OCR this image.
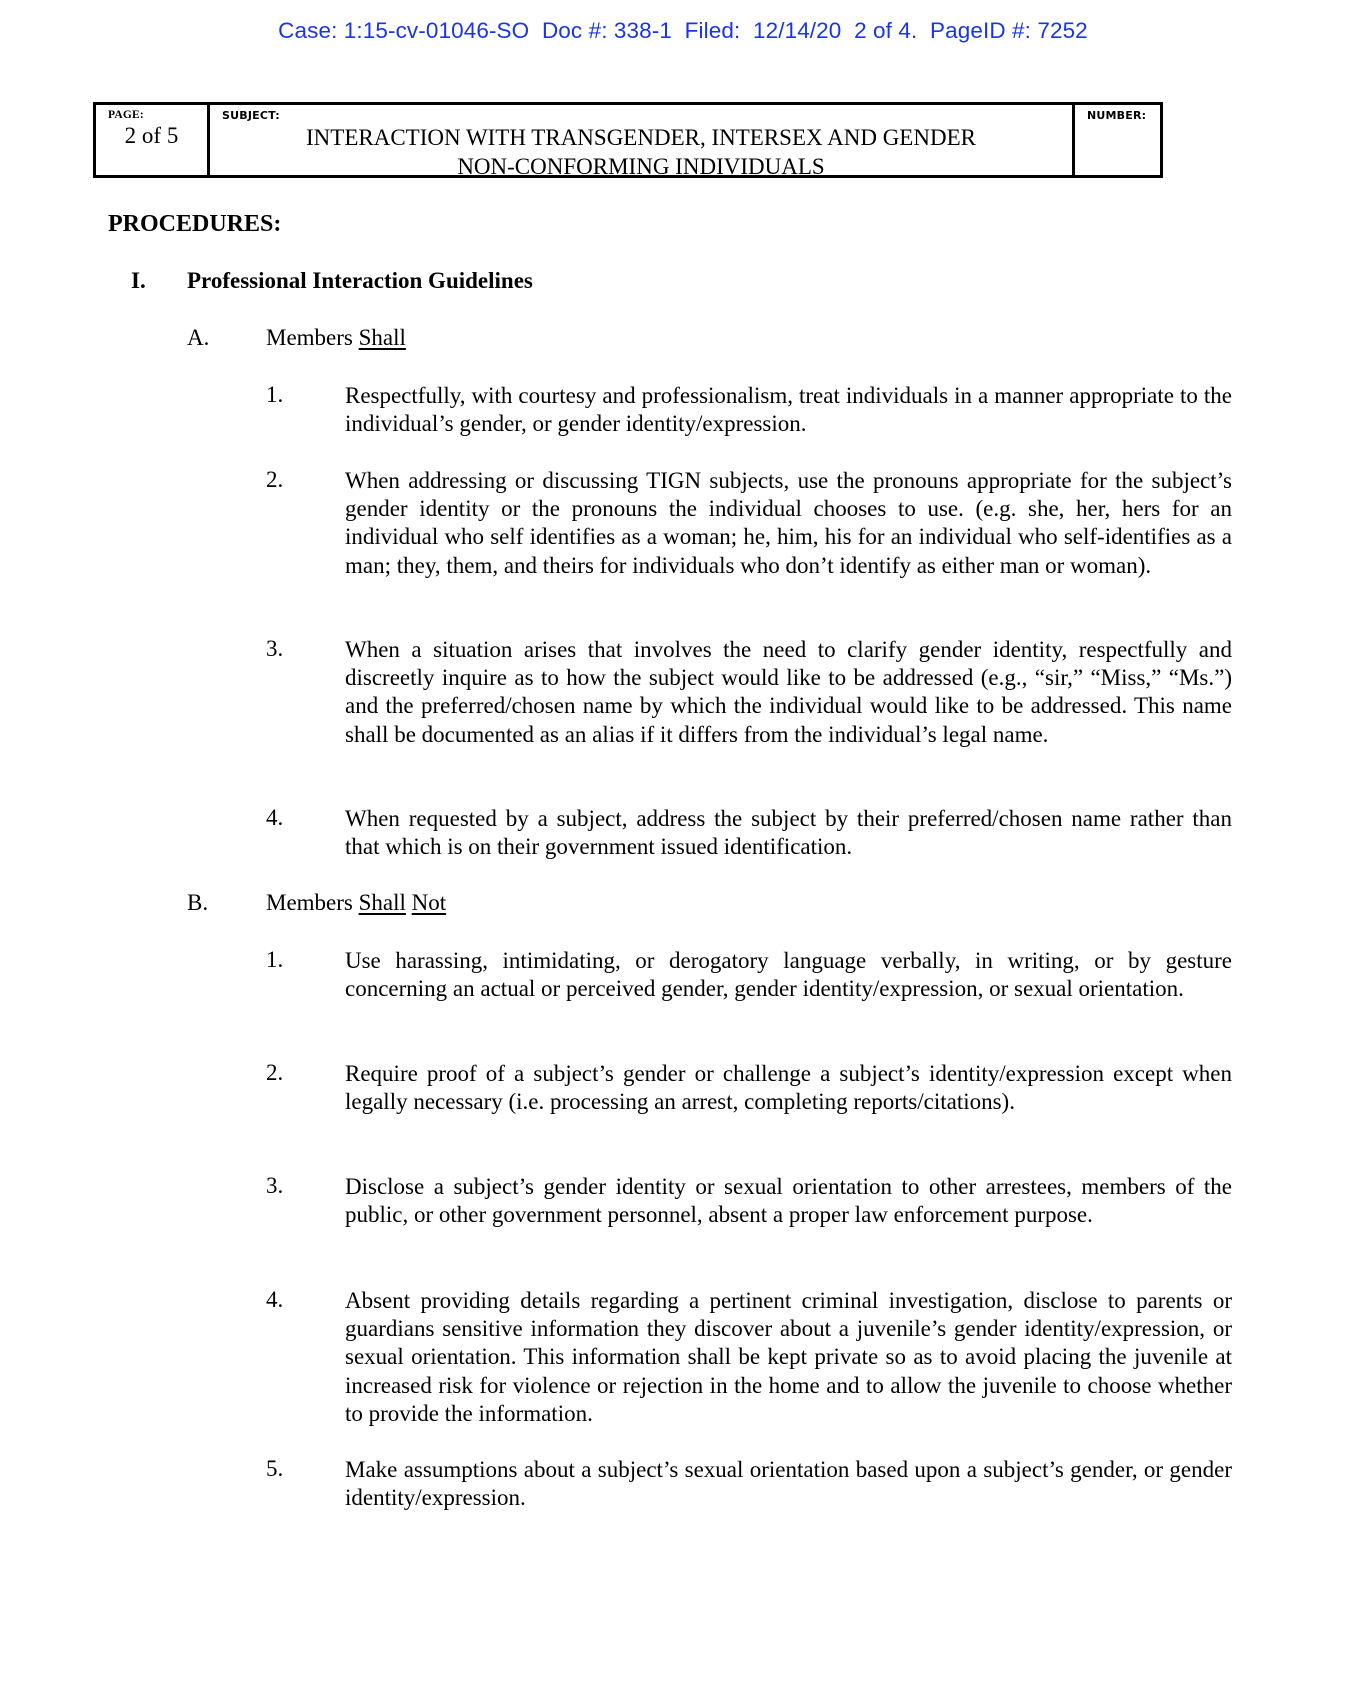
Case: 1:15-cv-01046-SO  Doc #: 338-1  Filed:  12/14/20  2 of 4.  PageID #: 7252
PAGE:
2 of 5
SUBJECT:
INTERACTION WITH TRANSGENDER, INTERSEX AND GENDER
NON-CONFORMING INDIVIDUALS
NUMBER:
PROCEDURES:
I. Professional Interaction Guidelines
A. Members Shall
1.	Respectfully, with courtesy and professionalism, treat individuals in a manner appropriate to the individual’s gender, or gender identity/expression.
2.	When addressing or discussing TIGN subjects, use the pronouns appropriate for the subject’s gender identity or the pronouns the individual chooses to use. (e.g. she, her, hers for an individual who self identifies as a woman; he, him, his for an individual who self-identifies as a man; they, them, and theirs for individuals who don’t identify as either man or woman).
3.	When a situation arises that involves the need to clarify gender identity, respectfully and discreetly inquire as to how the subject would like to be addressed (e.g., “sir,” “Miss,” “Ms.”) and the preferred/chosen name by which the individual would like to be addressed. This name shall be documented as an alias if it differs from the individual’s legal name.
4.	When requested by a subject, address the subject by their preferred/chosen name rather than that which is on their government issued identification.
B.	Members Shall Not
1.	Use harassing, intimidating, or derogatory language verbally, in writing, or by gesture concerning an actual or perceived gender, gender identity/expression, or sexual orientation.
2.	Require proof of a subject’s gender or challenge a subject’s identity/expression except when legally necessary (i.e. processing an arrest, completing reports/citations).
3.	Disclose a subject’s gender identity or sexual orientation to other arrestees, members of the public, or other government personnel, absent a proper law enforcement purpose.
4.	Absent providing details regarding a pertinent criminal investigation, disclose to parents or guardians sensitive information they discover about a juvenile’s gender identity/expression, or sexual orientation. This information shall be kept private so as to avoid placing the juvenile at increased risk for violence or rejection in the home and to allow the juvenile to choose whether to provide the information.
5.	Make assumptions about a subject’s sexual orientation based upon a subject’s gender, or gender identity/expression.
